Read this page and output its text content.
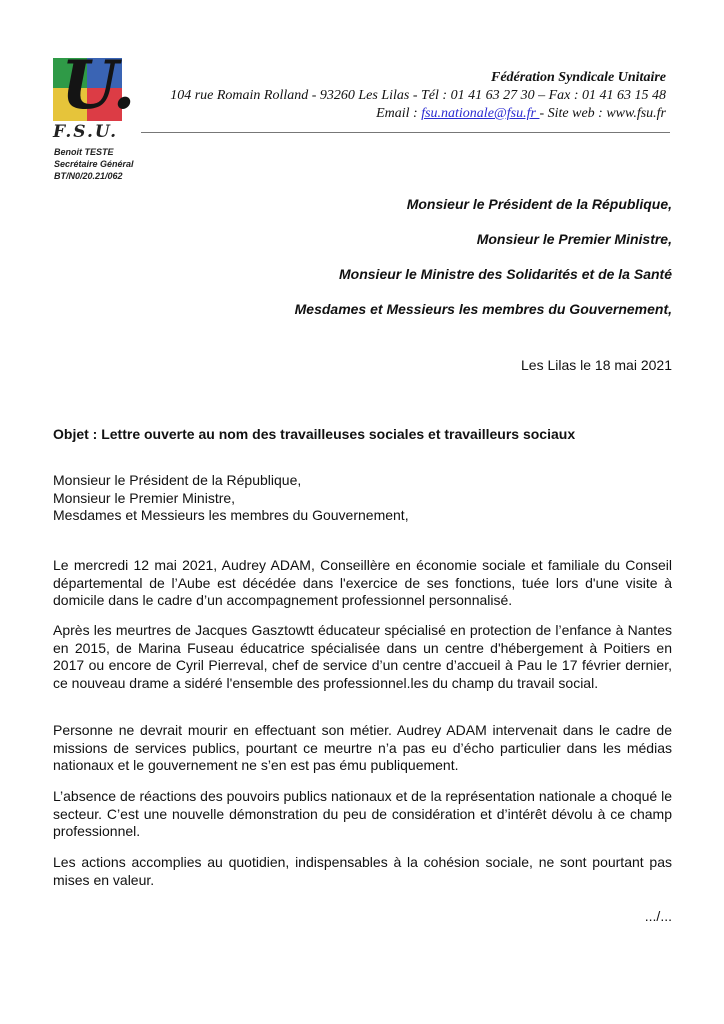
U.
F.S.U.
Benoit TESTE
Secrétaire Général
BT/N0/20.21/062
Fédération Syndicale Unitaire
104 rue Romain Rolland - 93260 Les Lilas - Tél : 01 41 63 27 30 – Fax : 01 41 63 15 48
Email : fsu.nationale@fsu.fr - Site web : www.fsu.fr
Monsieur le Président de la République,
Monsieur le Premier Ministre,
Monsieur le Ministre des Solidarités et de la Santé
Mesdames et Messieurs les membres du Gouvernement,
Les Lilas le 18 mai 2021
Objet : Lettre ouverte au nom des travailleuses sociales et travailleurs sociaux
Monsieur le Président de la République,
Monsieur le Premier Ministre,
Mesdames et Messieurs les membres du Gouvernement,
Le mercredi 12 mai 2021, Audrey ADAM, Conseillère en économie sociale et familiale du Conseil départemental de l’Aube est décédée dans l'exercice de ses fonctions, tuée lors d'une visite à domicile dans le cadre d’un accompagnement professionnel personnalisé.
Après les meurtres de Jacques Gasztowtt éducateur spécialisé en protection de l’enfance à Nantes en 2015, de Marina Fuseau éducatrice spécialisée dans un centre d'hébergement à Poitiers en 2017 ou encore de Cyril Pierreval, chef de service d’un centre d’accueil à Pau le 17 février dernier, ce nouveau drame a sidéré l'ensemble des professionnel.les du champ du travail social.
Personne ne devrait mourir en effectuant son métier. Audrey ADAM intervenait dans le cadre de missions de services publics, pourtant ce meurtre n’a pas eu d’écho particulier dans les médias nationaux et le gouvernement ne s’en est pas ému publiquement.
L’absence de réactions des pouvoirs publics nationaux et de la représentation nationale a choqué le secteur. C’est une nouvelle démonstration du peu de considération et d’intérêt dévolu à ce champ professionnel.
Les actions accomplies au quotidien, indispensables à la cohésion sociale, ne sont pourtant pas mises en valeur.
.../...
